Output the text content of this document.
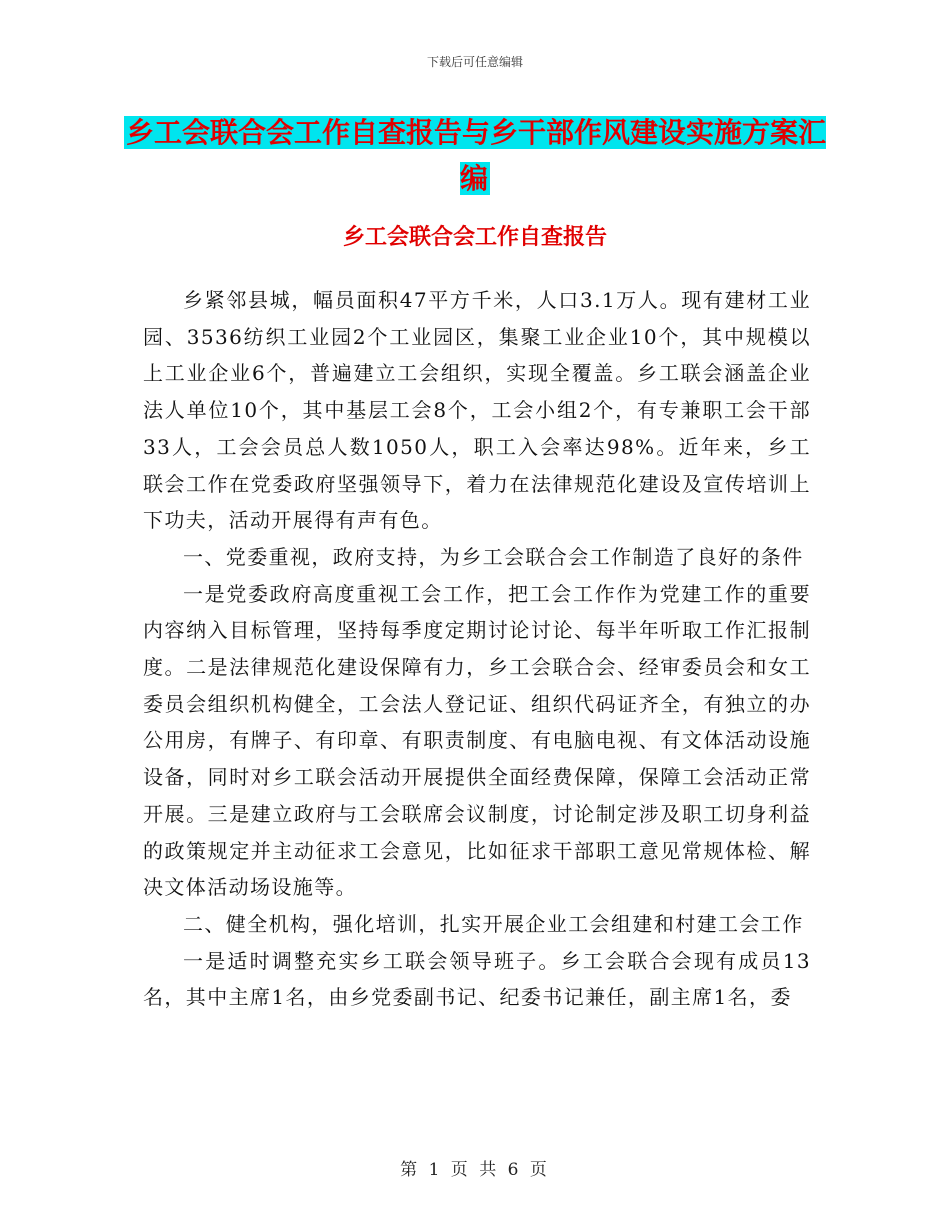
下载后可任意编辑
乡工会联合会工作自查报告与乡干部作风建设实施方案汇编
乡工会联合会工作自查报告

乡紧邻县城，幅员面积47平方千米，人口3.1万人。现有建材工业园、3536纺织工业园2个工业园区，集聚工业企业10个，其中规模以上工业企业6个，普遍建立工会组织，实现全覆盖。乡工联会涵盖企业法人单位10个，其中基层工会8个，工会小组2个，有专兼职工会干部33人，工会会员总人数1050人，职工入会率达98%。近年来，乡工联会工作在党委政府坚强领导下，着力在法律规范化建设及宣传培训上下功夫，活动开展得有声有色。

一、党委重视，政府支持，为乡工会联合会工作制造了良好的条件

一是党委政府高度重视工会工作，把工会工作作为党建工作的重要内容纳入目标管理，坚持每季度定期讨论讨论、每半年听取工作汇报制度。二是法律规范化建设保障有力，乡工会联合会、经审委员会和女工委员会组织机构健全，工会法人登记证、组织代码证齐全，有独立的办公用房，有牌子、有印章、有职责制度、有电脑电视、有文体活动设施设备，同时对乡工联会活动开展提供全面经费保障，保障工会活动正常开展。三是建立政府与工会联席会议制度，讨论制定涉及职工切身利益的政策规定并主动征求工会意见，比如征求干部职工意见常规体检、解决文体活动场设施等。

二、健全机构，强化培训，扎实开展企业工会组建和村建工会工作

一是适时调整充实乡工联会领导班子。乡工会联合会现有成员13名，其中主席1名，由乡党委副书记、纪委书记兼任，副主席1名，委

第 1 页 共 6 页
